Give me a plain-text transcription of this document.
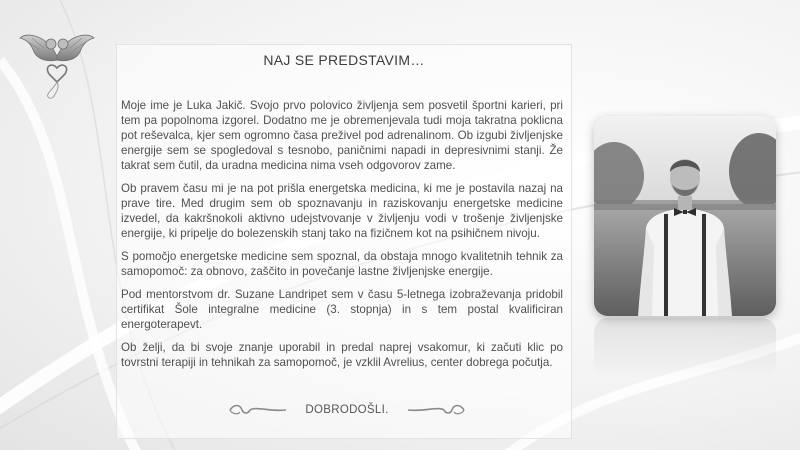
NAJ SE PREDSTAVIM…

Moje ime je Luka Jakič. Svojo prvo polovico življenja sem posvetil športni karieri, pri tem pa popolnoma izgorel. Dodatno me je obremenjevala tudi moja takratna poklicna pot reševalca, kjer sem ogromno časa preživel pod adrenalinom. Ob izgubi življenjske energije sem se spogledoval s tesnobo, paničnimi napadi in depresivnimi stanji. Že takrat sem čutil, da uradna medicina nima vseh odgovorov zame.

Ob pravem času mi je na pot prišla energetska medicina, ki me je postavila nazaj na prave tire. Med drugim sem ob spoznavanju in raziskovanju energetske medicine izvedel, da kakršnokoli aktivno udejstvovanje v življenju vodi v trošenje življenjske energije, ki pripelje do bolezenskih stanj tako na fizičnem kot na psihičnem nivoju.

S pomočjo energetske medicine sem spoznal, da obstaja mnogo kvalitetnih tehnik za samopomoč: za obnovo, zaščito in povečanje lastne življenjske energije.

Pod mentorstvom dr. Suzane Landripet sem v času 5-letnega izobraževanja pridobil certifikat Šole integralne medicine (3. stopnja) in s tem postal kvalificiran energoterapevt.

Ob želji, da bi svoje znanje uporabil in predal naprej vsakomur, ki začuti klic po tovrstni terapiji in tehnikah za samopomoč, je vzklil Avrelius, center dobrega počutja.

DOBRODOŠLI.
